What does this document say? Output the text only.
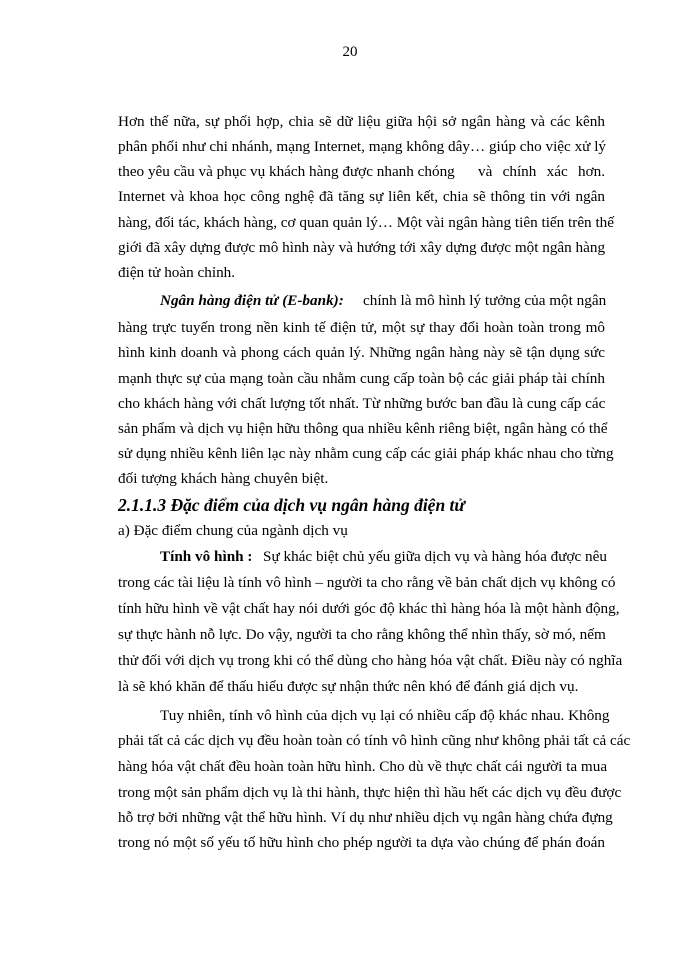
20
Hơn thế nữa, sự phối hợp, chia sẽ dữ liệu giữa hội sở ngân hàng và các kênh
phân phối như chi nhánh, mạng Internet, mạng không dây… giúp cho việc xử lý
theo yêu cầu và phục vụ khách hàng được nhanh chóng và chính xác hơn.
Internet và khoa học công nghệ đã tăng sự liên kết, chia sẽ thông tin với ngân
hàng, đối tác, khách hàng, cơ quan quản lý… Một vài ngân hàng tiên tiến trên thế
giới đã xây dựng được mô hình này và hướng tới xây dựng được một ngân hàng
điện tử hoàn chỉnh.
Ngân hàng điện tử (E-bank): chính là mô hình lý tưởng của một ngân
hàng trực tuyến trong nền kinh tế điện tử, một sự thay đổi hoàn toàn trong mô
hình kinh doanh và phong cách quản lý. Những ngân hàng này sẽ tận dụng sức
mạnh thực sự của mạng toàn cầu nhằm cung cấp toàn bộ các giải pháp tài chính
cho khách hàng với chất lượng tốt nhất. Từ những bước ban đầu là cung cấp các
sản phẩm và dịch vụ hiện hữu thông qua nhiều kênh riêng biệt, ngân hàng có thể
sử dụng nhiều kênh liên lạc này nhằm cung cấp các giải pháp khác nhau cho từng
đối tượng khách hàng chuyên biệt.
2.1.1.3 Đặc điểm của dịch vụ ngân hàng điện tử
a) Đặc điểm chung của ngành dịch vụ
Tính vô hình : Sự khác biệt chủ yếu giữa dịch vụ và hàng hóa được nêu
trong các tài liệu là tính vô hình – người ta cho rằng về bản chất dịch vụ không có
tính hữu hình về vật chất hay nói dưới góc độ khác thì hàng hóa là một hành động,
sự thực hành nỗ lực. Do vậy, người ta cho rằng không thể nhìn thấy, sờ mó, nếm
thử đối với dịch vụ trong khi có thể dùng cho hàng hóa vật chất. Điều này có nghĩa
là sẽ khó khăn để thấu hiểu được sự nhận thức nên khó để đánh giá dịch vụ.
Tuy nhiên, tính vô hình của dịch vụ lại có nhiều cấp độ khác nhau. Không
phải tất cả các dịch vụ đều hoàn toàn có tính vô hình cũng như không phải tất cả các
hàng hóa vật chất đều hoàn toàn hữu hình. Cho dù về thực chất cái người ta mua
trong một sản phẩm dịch vụ là thi hành, thực hiện thì hầu hết các dịch vụ đều được
hỗ trợ bởi những vật thể hữu hình. Ví dụ như nhiều dịch vụ ngân hàng chứa đựng
trong nó một số yếu tố hữu hình cho phép người ta dựa vào chúng để phán đoán
